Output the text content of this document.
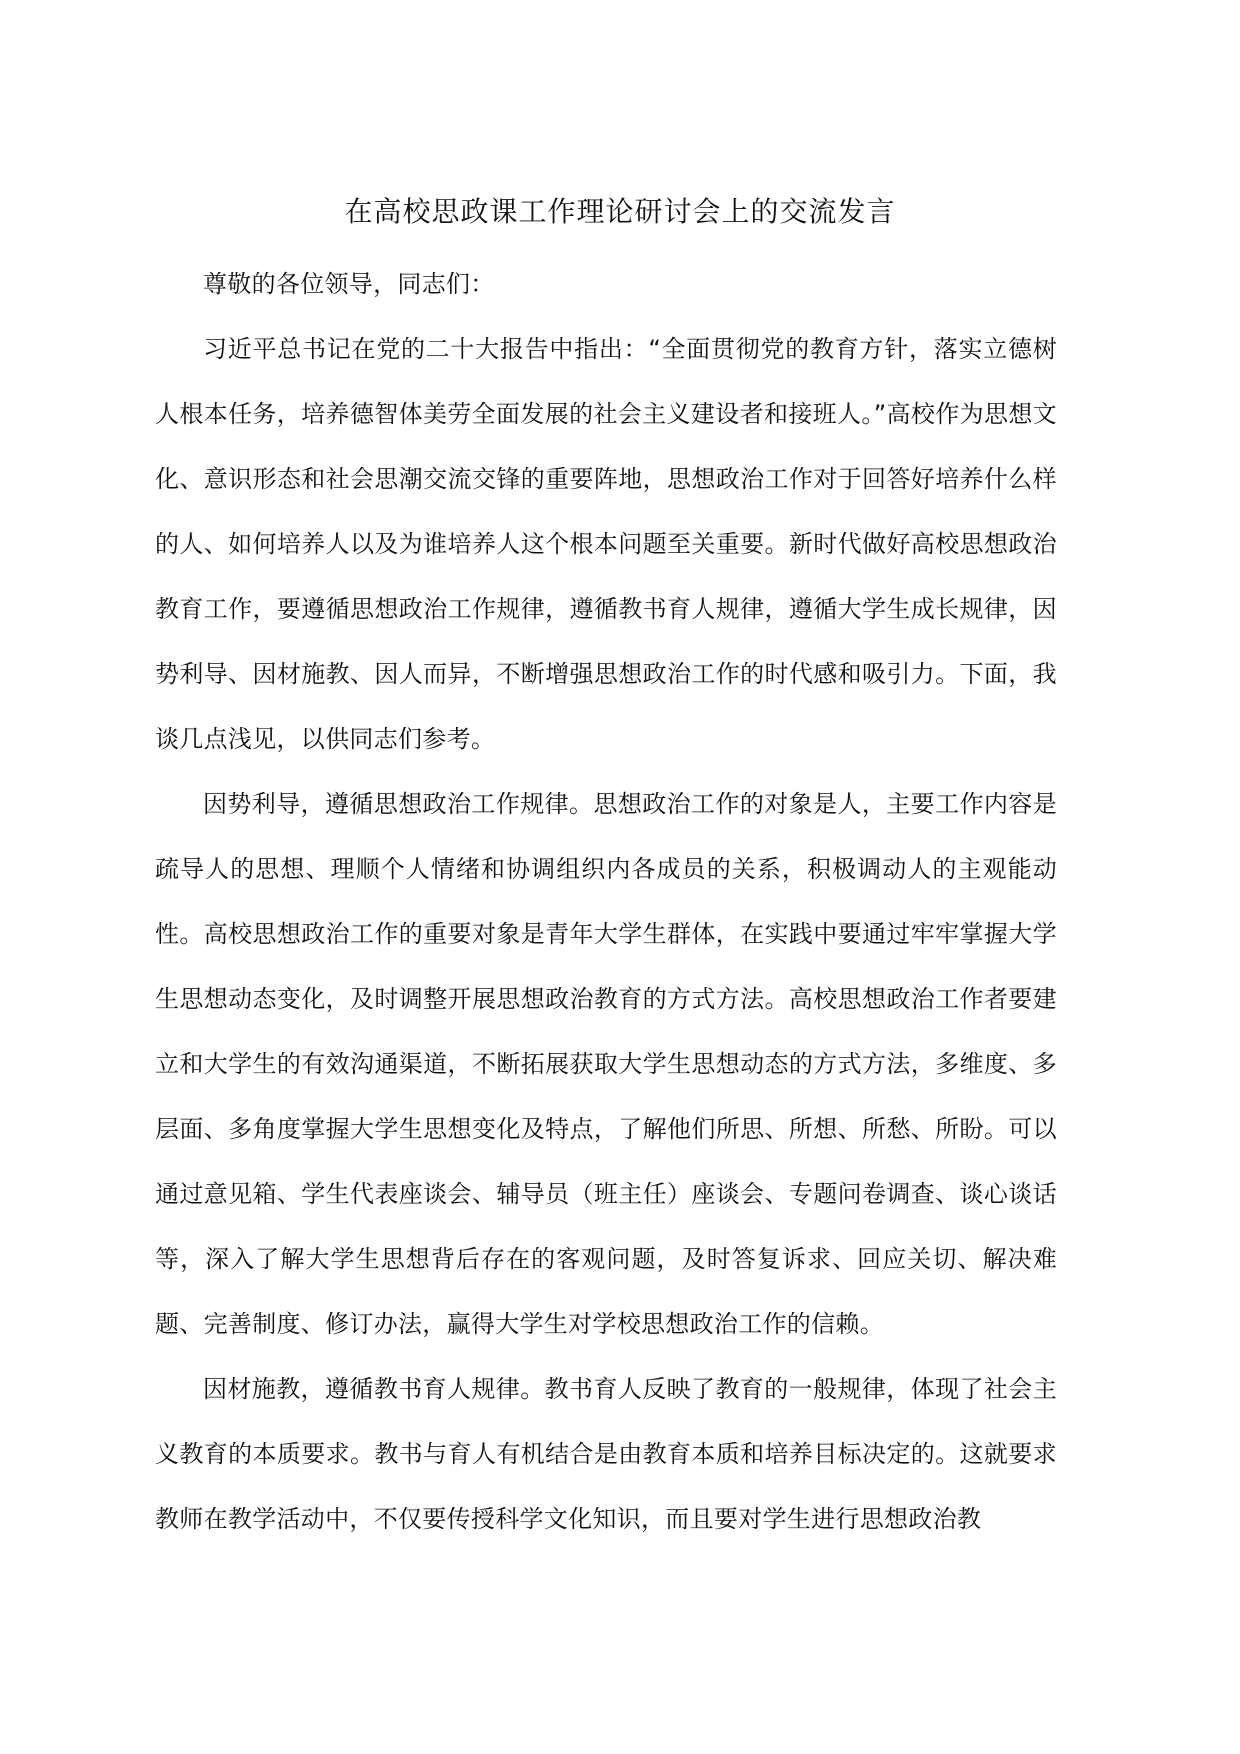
在高校思政课工作理论研讨会上的交流发言

尊敬的各位领导，同志们：

习近平总书记在党的二十大报告中指出：“全面贯彻党的教育方针，落实立德树人根本任务，培养德智体美劳全面发展的社会主义建设者和接班人。”高校作为思想文化、意识形态和社会思潮交流交锋的重要阵地，思想政治工作对于回答好培养什么样的人、如何培养人以及为谁培养人这个根本问题至关重要。新时代做好高校思想政治教育工作，要遵循思想政治工作规律，遵循教书育人规律，遵循大学生成长规律，因势利导、因材施教、因人而异，不断增强思想政治工作的时代感和吸引力。下面，我谈几点浅见，以供同志们参考。

因势利导，遵循思想政治工作规律。思想政治工作的对象是人，主要工作内容是疏导人的思想、理顺个人情绪和协调组织内各成员的关系，积极调动人的主观能动性。高校思想政治工作的重要对象是青年大学生群体，在实践中要通过牢牢掌握大学生思想动态变化，及时调整开展思想政治教育的方式方法。高校思想政治工作者要建立和大学生的有效沟通渠道，不断拓展获取大学生思想动态的方式方法，多维度、多层面、多角度掌握大学生思想变化及特点，了解他们所思、所想、所愁、所盼。可以通过意见箱、学生代表座谈会、辅导员（班主任）座谈会、专题问卷调查、谈心谈话等，深入了解大学生思想背后存在的客观问题，及时答复诉求、回应关切、解决难题、完善制度、修订办法，赢得大学生对学校思想政治工作的信赖。

因材施教，遵循教书育人规律。教书育人反映了教育的一般规律，体现了社会主义教育的本质要求。教书与育人有机结合是由教育本质和培养目标决定的。这就要求教师在教学活动中，不仅要传授科学文化知识，而且要对学生进行思想政治教
